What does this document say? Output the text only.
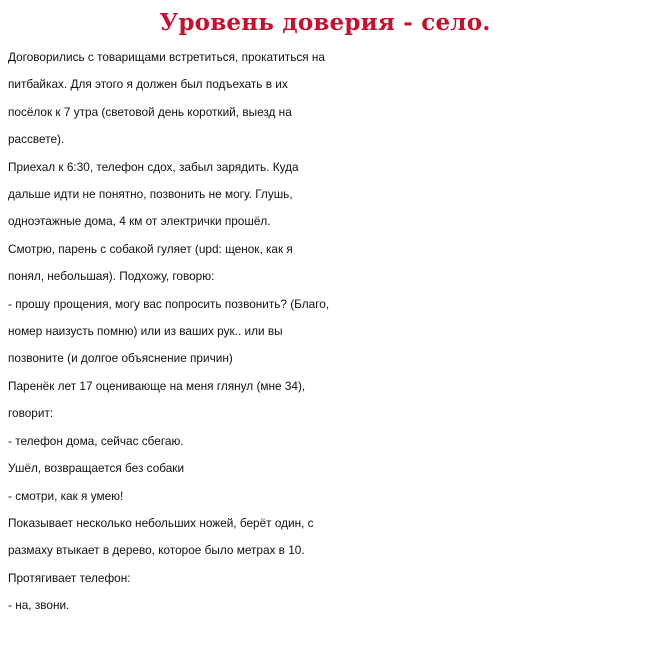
Уровень доверия - село.
Договорились с товарищами встретиться, прокатиться на
питбайках. Для этого я должен был подъехать в их
посёлок к 7 утра (световой день короткий, выезд на
рассвете).
Приехал к 6:30, телефон сдох, забыл зарядить. Куда
дальше идти не понятно, позвонить не могу. Глушь,
одноэтажные дома, 4 км от электрички прошёл.
Смотрю, парень с собакой гуляет (upd: щенок, как я
понял, небольшая). Подхожу, говорю:
- прошу прощения, могу вас попросить позвонить? (Благо,
номер наизусть помню) или из ваших рук.. или вы
позвоните (и долгое объяснение причин)
Паренёк лет 17 оценивающе на меня глянул (мне 34),
говорит:
- телефон дома, сейчас сбегаю.
Ушёл, возвращается без собаки
- смотри, как я умею!
Показывает несколько небольших ножей, берёт один, с
размаху втыкает в дерево, которое было метрах в 10.
Протягивает телефон:
- на, звони.
